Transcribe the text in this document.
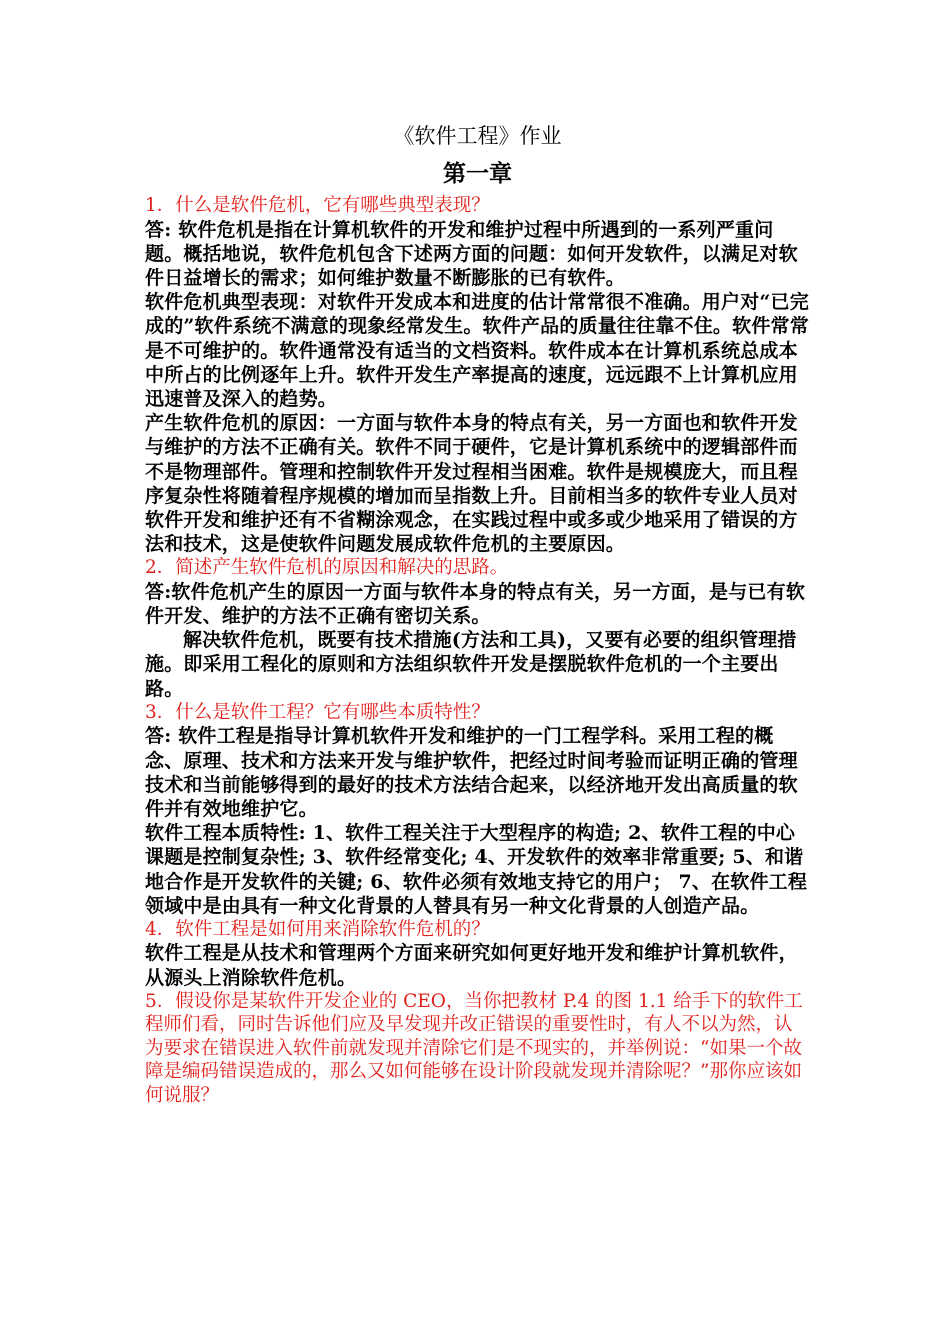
《软件工程》作业
第一章

1．什么是软件危机，它有哪些典型表现？

答: 软件危机是指在计算机软件的开发和维护过程中所遇到的一系列严重问题。概括地说，软件危机包含下述两方面的问题：如何开发软件，以满足对软件日益增长的需求；如何维护数量不断膨胀的已有软件。

软件危机典型表现：对软件开发成本和进度的估计常常很不准确。用户对“已完成的”软件系统不满意的现象经常发生。软件产品的质量往往靠不住。软件常常是不可维护的。软件通常没有适当的文档资料。软件成本在计算机系统总成本中所占的比例逐年上升。软件开发生产率提高的速度，远远跟不上计算机应用迅速普及深入的趋势。

产生软件危机的原因：一方面与软件本身的特点有关，另一方面也和软件开发与维护的方法不正确有关。软件不同于硬件，它是计算机系统中的逻辑部件而不是物理部件。管理和控制软件开发过程相当困难。软件是规模庞大，而且程序复杂性将随着程序规模的增加而呈指数上升。目前相当多的软件专业人员对软件开发和维护还有不省糊涂观念，在实践过程中或多或少地采用了错误的方法和技术，这是使软件问题发展成软件危机的主要原因。

2．简述产生软件危机的原因和解决的思路。

答:软件危机产生的原因一方面与软件本身的特点有关，另一方面，是与已有软件开发、维护的方法不正确有密切关系。

解决软件危机，既要有技术措施(方法和工具)，又要有必要的组织管理措施。即采用工程化的原则和方法组织软件开发是摆脱软件危机的一个主要出路。

3．什么是软件工程？它有哪些本质特性？

答: 软件工程是指导计算机软件开发和维护的一门工程学科。采用工程的概念、原理、技术和方法来开发与维护软件，把经过时间考验而证明正确的管理技术和当前能够得到的最好的技术方法结合起来，以经济地开发出高质量的软件并有效地维护它。

软件工程本质特性: 1、软件工程关注于大型程序的构造; 2、软件工程的中心课题是控制复杂性; 3、软件经常变化; 4、开发软件的效率非常重要; 5、和谐地合作是开发软件的关键; 6、软件必须有效地支持它的用户； 7、在软件工程领域中是由具有一种文化背景的人替具有另一种文化背景的人创造产品。

4．软件工程是如何用来消除软件危机的？

软件工程是从技术和管理两个方面来研究如何更好地开发和维护计算机软件，从源头上消除软件危机。

5．假设你是某软件开发企业的 CEO，当你把教材 P.4 的图 1.1 给手下的软件工程师们看，同时告诉他们应及早发现并改正错误的重要性时，有人不以为然，认为要求在错误进入软件前就发现并清除它们是不现实的，并举例说：“如果一个故障是编码错误造成的，那么又如何能够在设计阶段就发现并清除呢？”那你应该如何说服？
